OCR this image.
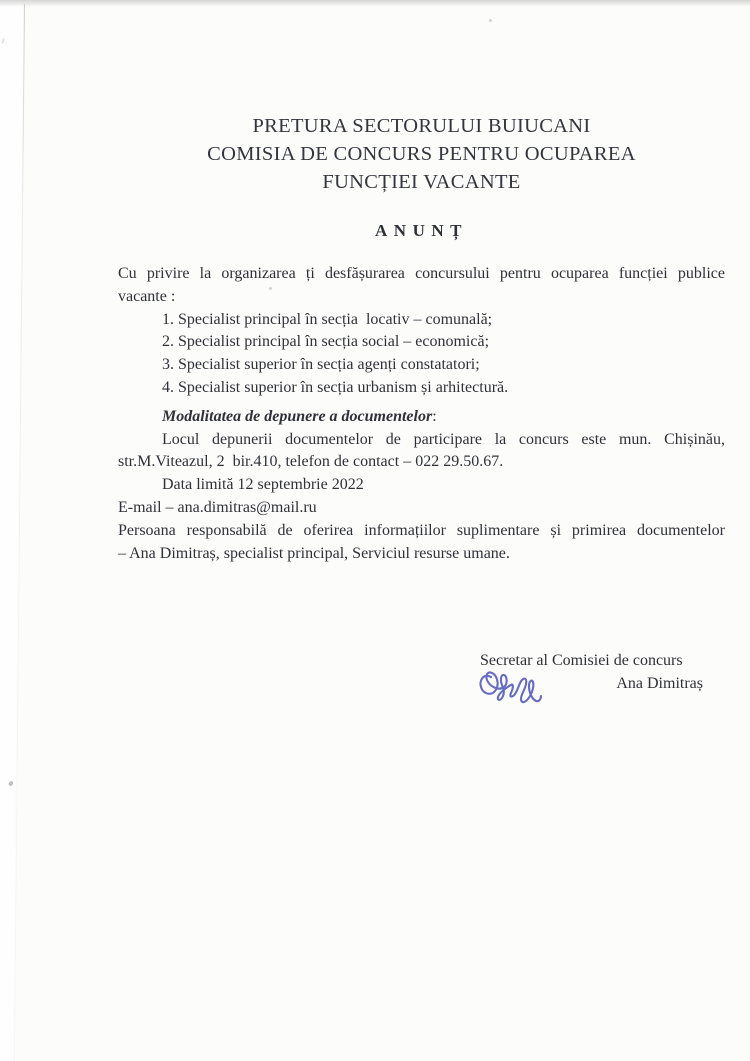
PRETURA SECTORULUI BUIUCANI
COMISIA DE CONCURS PENTRU OCUPAREA
FUNCȚIEI VACANTE
ANUNȚ
Cu privire la organizarea ți desfășurarea concursului pentru ocuparea funcției publice
vacante :
1. Specialist principal în secția  locativ – comunală;
2. Specialist principal în secția social – economică;
3. Specialist superior în secția agenți constatatori;
4. Specialist superior în secția urbanism și arhitectură.
Modalitatea de depunere a documentelor:
Locul depunerii documentelor de participare la concurs este mun. Chișinău,
str.M.Viteazul, 2  bir.410, telefon de contact – 022 29.50.67.
Data limită 12 septembrie 2022
E-mail – ana.dimitras@mail.ru
Persoana responsabilă de oferirea informațiilor suplimentare și primirea documentelor
– Ana Dimitraș, specialist principal, Serviciul resurse umane.
Secretar al Comisiei de concurs
Ana Dimitraș
